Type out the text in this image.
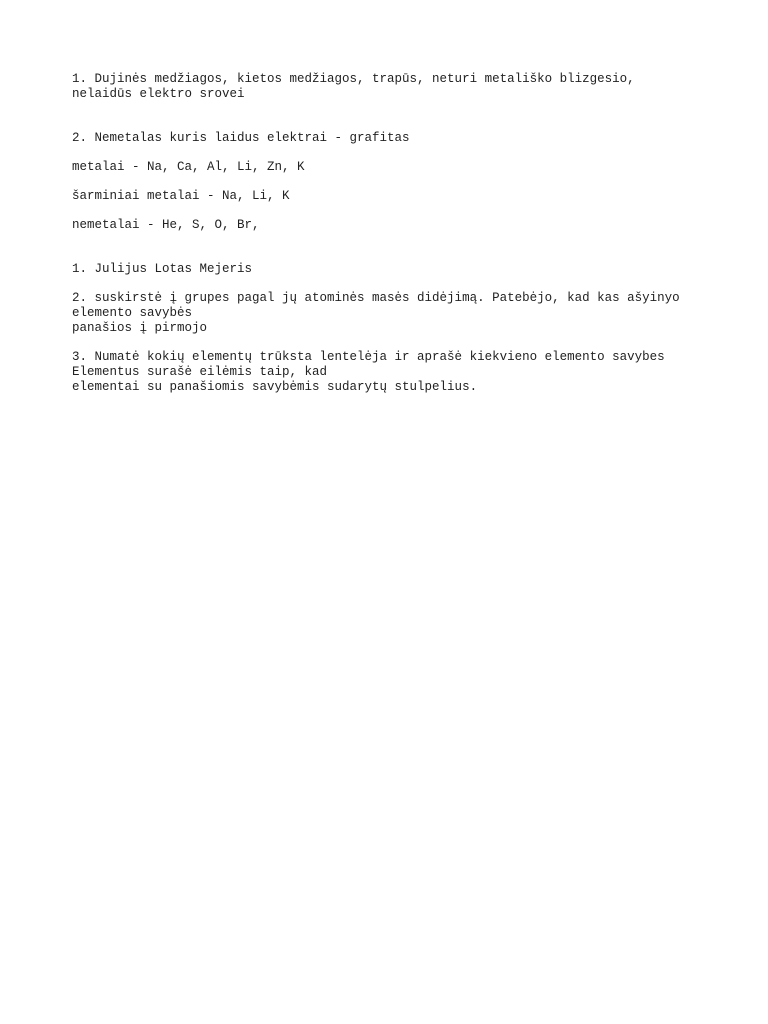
1. Dujinės medžiagos, kietos medžiagos, trapūs, neturi metališko blizgesio,
nelaidūs elektro srovei
2. Nemetalas kuris laidus elektrai - grafitas
metalai - Na, Ca, Al, Li, Zn, K
šarminiai metalai - Na, Li, K
nemetalai - He, S, O, Br,
1. Julijus Lotas Mejeris
2. suskirstė į grupes pagal jų atominės masės didėjimą. Patebėjo, kad kas ašyinyo
elemento savybės
panašios į pirmojo
3. Numatė kokių elementų trūksta lentelėja ir aprašė kiekvieno elemento savybes
Elementus surašė eilėmis taip, kad
elementai su panašiomis savybėmis sudarytų stulpelius.
